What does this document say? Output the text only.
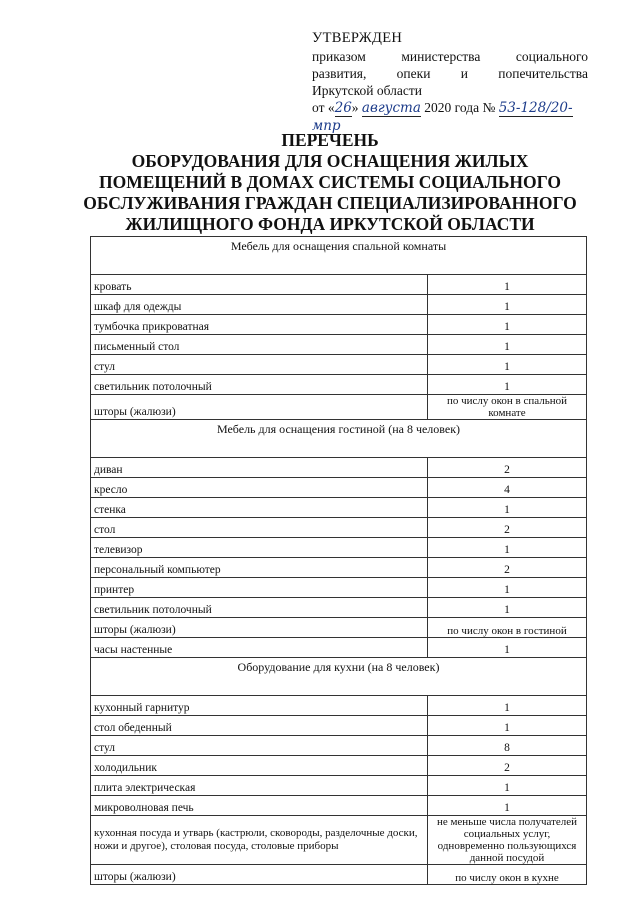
УТВЕРЖДЕН
приказом министерства социального
развития, опеки и попечительства
Иркутской области
от «26» августа 2020 года № 53-128/20-мпр
ПЕРЕЧЕНЬ
ОБОРУДОВАНИЯ ДЛЯ ОСНАЩЕНИЯ ЖИЛЫХ
ПОМЕЩЕНИЙ В ДОМАХ СИСТЕМЫ СОЦИАЛЬНОГО
ОБСЛУЖИВАНИЯ ГРАЖДАН СПЕЦИАЛИЗИРОВАННОГО
ЖИЛИЩНОГО ФОНДА ИРКУТСКОЙ ОБЛАСТИ
Мебель для оснащения спальной комнаты	
кровать	1
шкаф для одежды	1
тумбочка прикроватная	1
письменный стол	1
стул	1
светильник потолочный	1
шторы (жалюзи)	по числу окон в спальной комнате
Мебель для оснащения гостиной (на 8 человек)	
диван	2
кресло	4
стенка	1
стол	2
телевизор	1
персональный компьютер	2
принтер	1
светильник потолочный	1
шторы (жалюзи)	по числу окон в гостиной
часы настенные	1
Оборудование для кухни (на 8 человек)	
кухонный гарнитур	1
стол обеденный	1
стул	8
холодильник	2
плита электрическая	1
микроволновая печь	1
кухонная посуда и утварь (кастрюли, сковороды, разделочные доски, ножи и другое), столовая посуда, столовые приборы	не меньше числа получателей социальных услуг, одновременно пользующихся данной посудой
шторы (жалюзи)	по числу окон в кухне
